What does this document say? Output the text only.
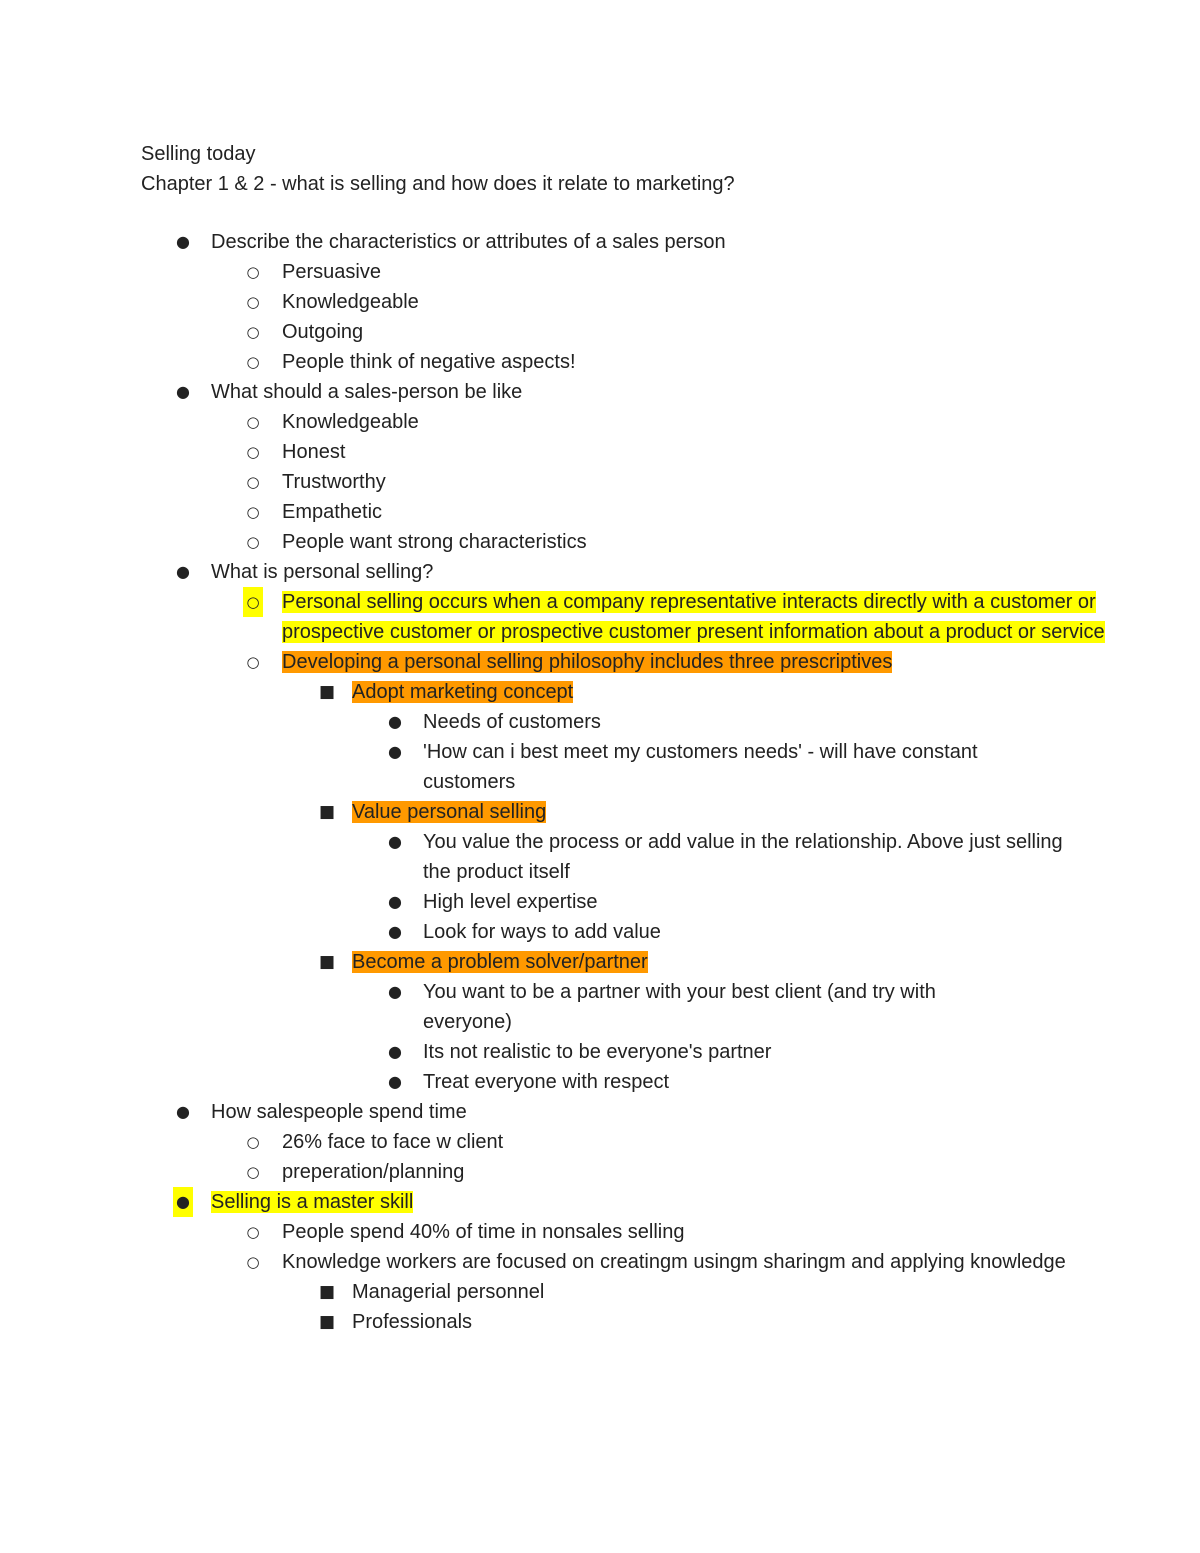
Selling today
Chapter 1 & 2 - what is selling and how does it relate to marketing?
● Describe the characteristics or attributes of a sales person
○ Persuasive
○ Knowledgeable
○ Outgoing
○ People think of negative aspects!
● What should a sales-person be like
○ Knowledgeable
○ Honest
○ Trustworthy
○ Empathetic
○ People want strong characteristics
● What is personal selling?
○ Personal selling occurs when a company representative interacts directly with a customer or prospective customer or prospective customer present information about a product or service
○ Developing a personal selling philosophy includes three prescriptives
■ Adopt marketing concept
● Needs of customers
● 'How can i best meet my customers needs' - will have constant customers
■ Value personal selling
● You value the process or add value in the relationship. Above just selling the product itself
● High level expertise
● Look for ways to add value
■ Become a problem solver/partner
● You want to be a partner with your best client (and try with everyone)
● Its not realistic to be everyone's partner
● Treat everyone with respect
● How salespeople spend time
○ 26% face to face w client
○ preperation/planning
● Selling is a master skill
○ People spend 40% of time in nonsales selling
○ Knowledge workers are focused on creatingm usingm sharingm and applying knowledge
■ Managerial personnel
■ Professionals
